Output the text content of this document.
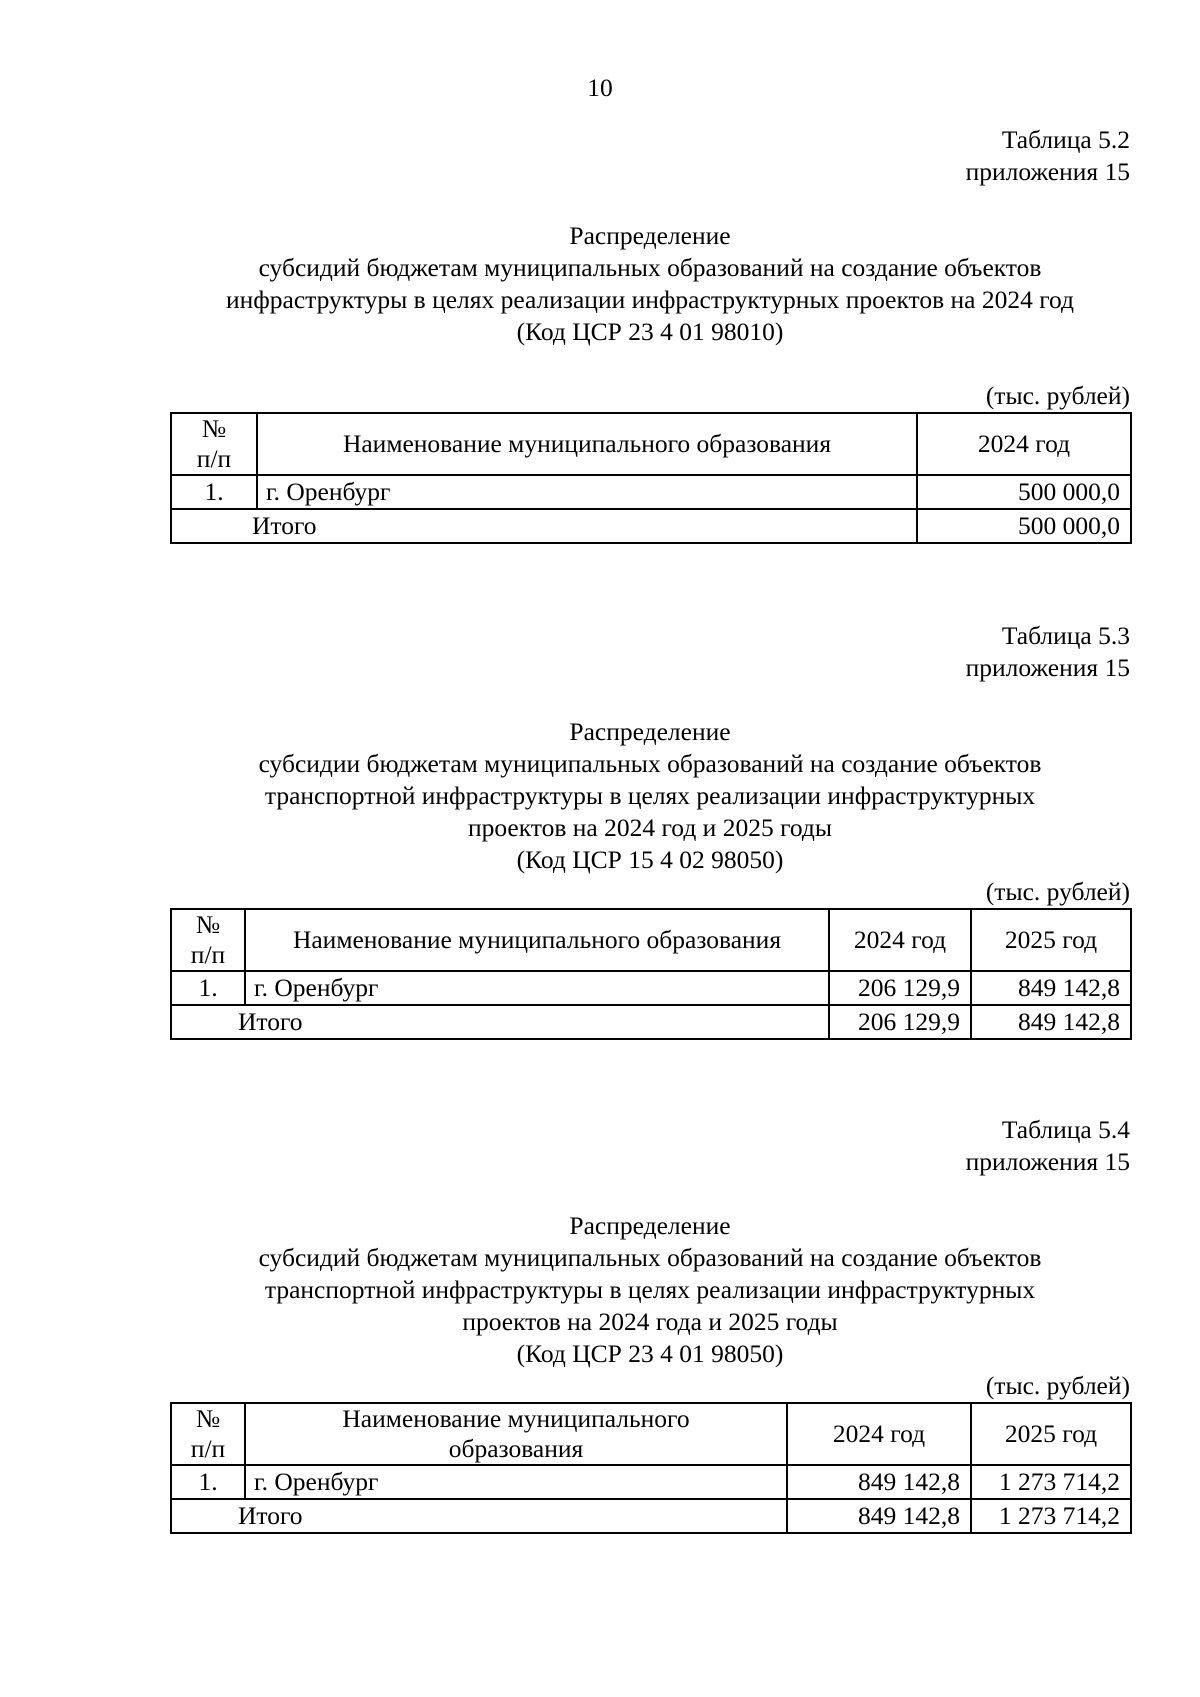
10
Таблица 5.2
приложения 15
Распределение
субсидий бюджетам муниципальных образований на создание объектов
инфраструктуры в целях реализации инфраструктурных проектов на 2024 год
(Код ЦСР 23 4 01 98010)
(тыс. рублей)
№
п/п	Наименование муниципального образования	2024 год
1.	г. Оренбург	500 000,0
Итого		500 000,0
Таблица 5.3
приложения 15
Распределение
субсидии бюджетам муниципальных образований на создание объектов
транспортной инфраструктуры в целях реализации инфраструктурных
проектов на 2024 год и 2025 годы
(Код ЦСР 15 4 02 98050)
(тыс. рублей)
№
п/п	Наименование муниципального образования	2024 год	2025 год
1.	г. Оренбург	206 129,9	849 142,8
Итого		206 129,9	849 142,8
Таблица 5.4
приложения 15
Распределение
субсидий бюджетам муниципальных образований на создание объектов
транспортной инфраструктуры в целях реализации инфраструктурных
проектов на 2024 года и 2025 годы
(Код ЦСР 23 4 01 98050)
(тыс. рублей)
№
п/п	Наименование муниципального
образования	2024 год	2025 год
1.	г. Оренбург	849 142,8	1 273 714,2
Итого		849 142,8	1 273 714,2
